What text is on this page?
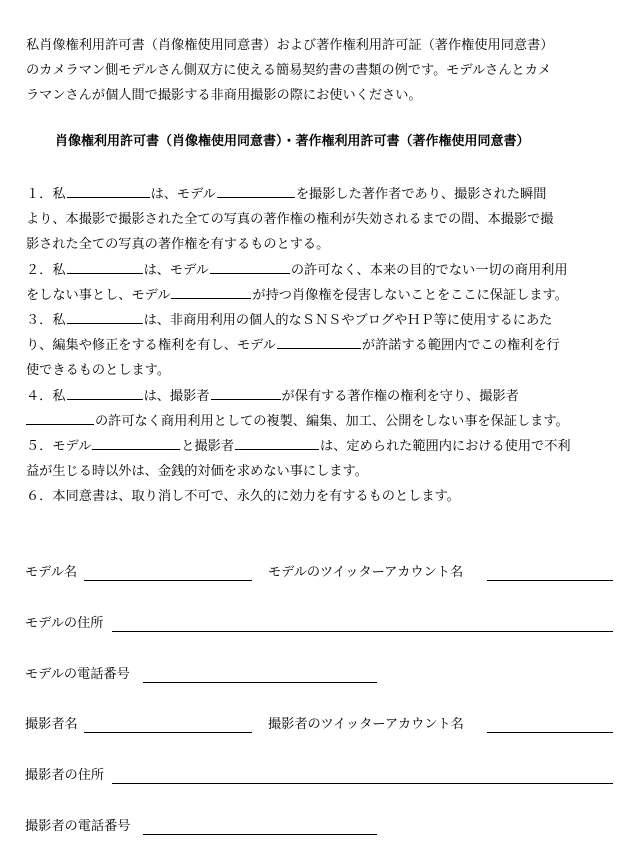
私肖像権利用許可書（肖像権使用同意書）および著作権利用許可証（著作権使用同意書）
のカメラマン側モデルさん側双方に使える簡易契約書の書類の例です。モデルさんとカメ
ラマンさんが個人間で撮影する非商用撮影の際にお使いください。
肖像権利用許可書（肖像権使用同意書）・著作権利用許可書（著作権使用同意書）
１．私	は、モデル	を撮影した著作者であり、撮影された瞬間
より、本撮影で撮影された全ての写真の著作権の権利が失効されるまでの間、本撮影で撮
影された全ての写真の著作権を有するものとする。
２．私	は、モデル	の許可なく、本来の目的でない一切の商用利用
をしない事とし、モデル	が持つ肖像権を侵害しないことをここに保証します。
３．私	は、非商用利用の個人的なＳＮＳやブログやＨＰ等に使用するにあた
り、編集や修正をする権利を有し、モデル	が許諾する範囲内でこの権利を行
使できるものとします。
４．私	は、撮影者	が保有する著作権の権利を守り、撮影者
の許可なく商用利用としての複製、編集、加工、公開をしない事を保証します。
５．モデル	と撮影者	は、定められた範囲内における使用で不利
益が生じる時以外は、金銭的対価を求めない事にします。
６．本同意書は、取り消し不可で、永久的に効力を有するものとします。
モデル名	モデルのツイッターアカウント名
モデルの住所
モデルの電話番号
撮影者名	撮影者のツイッターアカウント名
撮影者の住所
撮影者の電話番号
